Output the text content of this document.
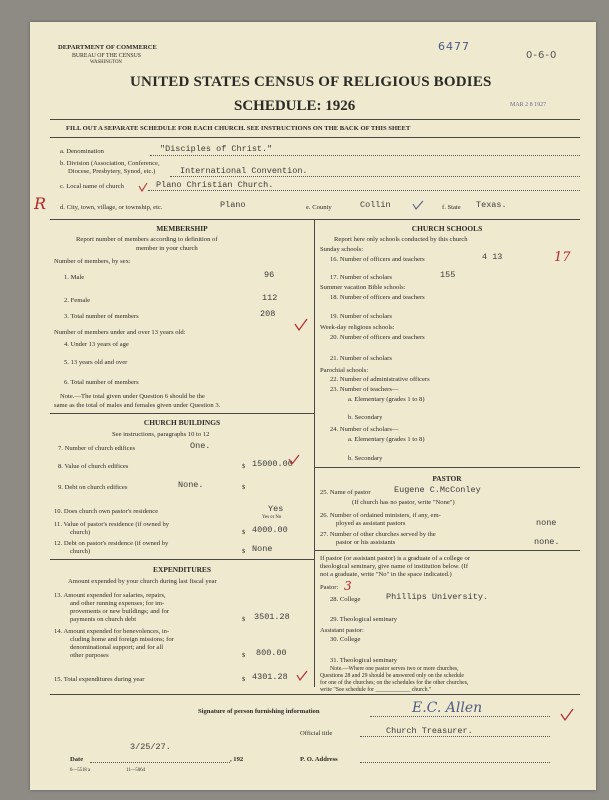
DEPARTMENT OF COMMERCE
BUREAU OF THE CENSUS
WASHINGTON
6477
0-6-0
UNITED STATES CENSUS OF RELIGIOUS BODIES
SCHEDULE: 1926	MAR 2 8 1927
FILL OUT A SEPARATE SCHEDULE FOR EACH CHURCH. SEE INSTRUCTIONS ON THE BACK OF THIS SHEET
a. Denomination	"Disciples of Christ."
b. Division (Association, Conference,
Diocese, Presbytery, Synod, etc.)	International Convention.
c. Local name of church	Plano Christian Church.
R d. City, town, village, or township, etc.	Plano	e. County	Collin	f. State Texas.
MEMBERSHIP
Report number of members according to definition of
member in your church
Number of members, by sex:
1. Male	96
2. Female	112
3. Total number of members	208
Number of members under and over 13 years old:
4. Under 13 years of age
5. 13 years old and over
6. Total number of members
Note.—The total given under Question 6 should be the
same as the total of males and females given under Question 3.
CHURCH BUILDINGS
See instructions, paragraphs 10 to 12
7. Number of church edifices	One.
8. Value of church edifices	$ 15000.00
9. Debt on church edifices	None.	$
10. Does church own pastor's residence	Yes
Yes or No
11. Value of pastor's residence (if owned by
church)	$ 4000.00
12. Debt on pastor's residence (if owned by
church)	$ None
EXPENDITURES
Amount expended by your church during last fiscal year
13. Amount expended for salaries, repairs,
and other running expenses; for im-
provements or new buildings; and for
payments on church debt	$ 3501.28
14. Amount expended for benevolences, in-
cluding home and foreign missions; for
denominational support; and for all
other purposes	$ 800.00
15. Total expenditures during year	$ 4301.28
CHURCH SCHOOLS
Report here only schools conducted by this church
Sunday schools:
16. Number of officers and teachers	4 13	17
17. Number of scholars	155
Summer vacation Bible schools:
18. Number of officers and teachers
19. Number of scholars
Week-day religious schools:
20. Number of officers and teachers
21. Number of scholars
Parochial schools:
22. Number of administrative officers
23. Number of teachers—
a. Elementary (grades 1 to 8)
b. Secondary
24. Number of scholars—
a. Elementary (grades 1 to 8)
b. Secondary
PASTOR
25. Name of pastor	Eugene C.McConley
(If church has no pastor, write "None")
26. Number of ordained ministers, if any, em-
ployed as assistant pastors	none
27. Number of other churches served by the
pastor or his assistants	none.
If pastor (or assistant pastor) is a graduate of a college or
theological seminary, give name of institution below. (If
not a graduate, write "No" in the space indicated.)
Pastor: 3
28. College	Phillips University.
29. Theological seminary
Assistant pastor:
30. College
31. Theological seminary
Note.—Where one pastor serves two or more churches,
Questions 28 and 29 should be answered only on the schedule
for one of the churches; on the schedules for the other churches,
write "See schedule for ____________ church."
Signature of person furnishing information	E.C. Allen
Official title	Church Treasurer.
3/25/27.
Date	, 192	P. O. Address
6—5518 a	11—5064
